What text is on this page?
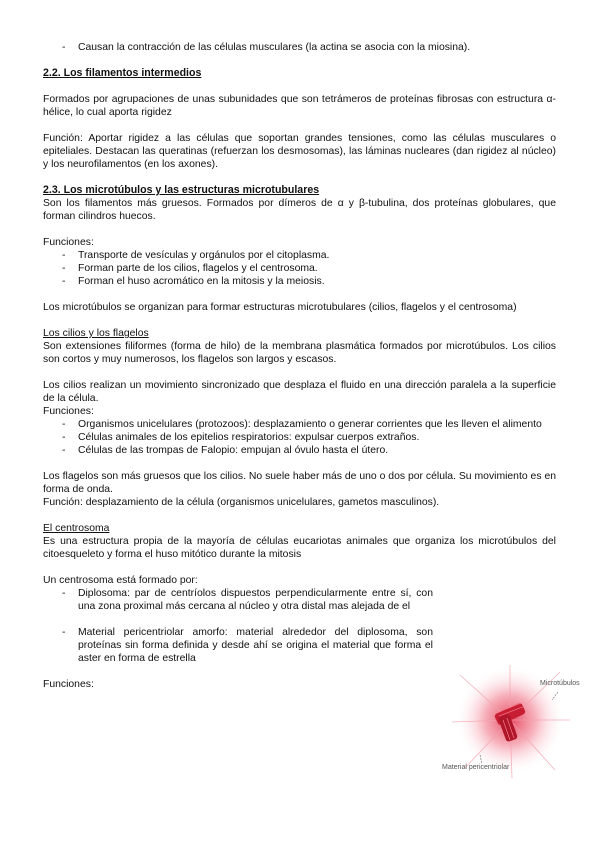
- Causan la contracción de las células musculares (la actina se asocia con la miosina).
2.2. Los filamentos intermedios

Formados por agrupaciones de unas subunidades que son tetrámeros de proteínas fibrosas con estructura α-hélice, lo cual aporta rigidez

Función: Aportar rigidez a las células que soportan grandes tensiones, como las células musculares o epiteliales. Destacan las queratinas (refuerzan los desmosomas), las láminas nucleares (dan rigidez al núcleo) y los neurofilamentos (en los axones).

2.3. Los microtúbulos y las estructuras microtubulares

Son los filamentos más gruesos. Formados por dímeros de α y β-tubulina, dos proteínas globulares, que forman cilindros huecos.

Funciones:

- Transporte de vesículas y orgánulos por el citoplasma.
- Forman parte de los cilios, flagelos y el centrosoma.
- Forman el huso acromático en la mitosis y la meiosis.

Los microtúbulos se organizan para formar estructuras microtubulares (cilios, flagelos y el centrosoma)

Los cilios y los flagelos

Son extensiones filiformes (forma de hilo) de la membrana plasmática formados por microtúbulos. Los cilios son cortos y muy numerosos, los flagelos son largos y escasos.

Los cilios realizan un movimiento sincronizado que desplaza el fluido en una dirección paralela a la superficie de la célula.

Funciones:

- Organismos unicelulares (protozoos): desplazamiento o generar corrientes que les lleven el alimento
- Células animales de los epitelios respiratorios: expulsar cuerpos extraños.
- Células de las trompas de Falopio: empujan al óvulo hasta el útero.

Los flagelos son más gruesos que los cilios. No suele haber más de uno o dos por célula. Su movimiento es en forma de onda.

Función: desplazamiento de la célula (organismos unicelulares, gametos masculinos).

El centrosoma

Es una estructura propia de la mayoría de células eucariotas animales que organiza los microtúbulos del citoesqueleto y forma el huso mitótico durante la mitosis

Un centrosoma está formado por:

- Diplosoma: par de centríolos dispuestos perpendicularmente entre sí, con una zona proximal más cercana al núcleo y otra distal mas alejada de el
- Material pericentriolar amorfo: material alrededor del diplosoma, son proteínas sin forma definida y desde ahí se origina el material que forma el aster en forma de estrella

Funciones:	Microtúbulos
Material pericentriolar
